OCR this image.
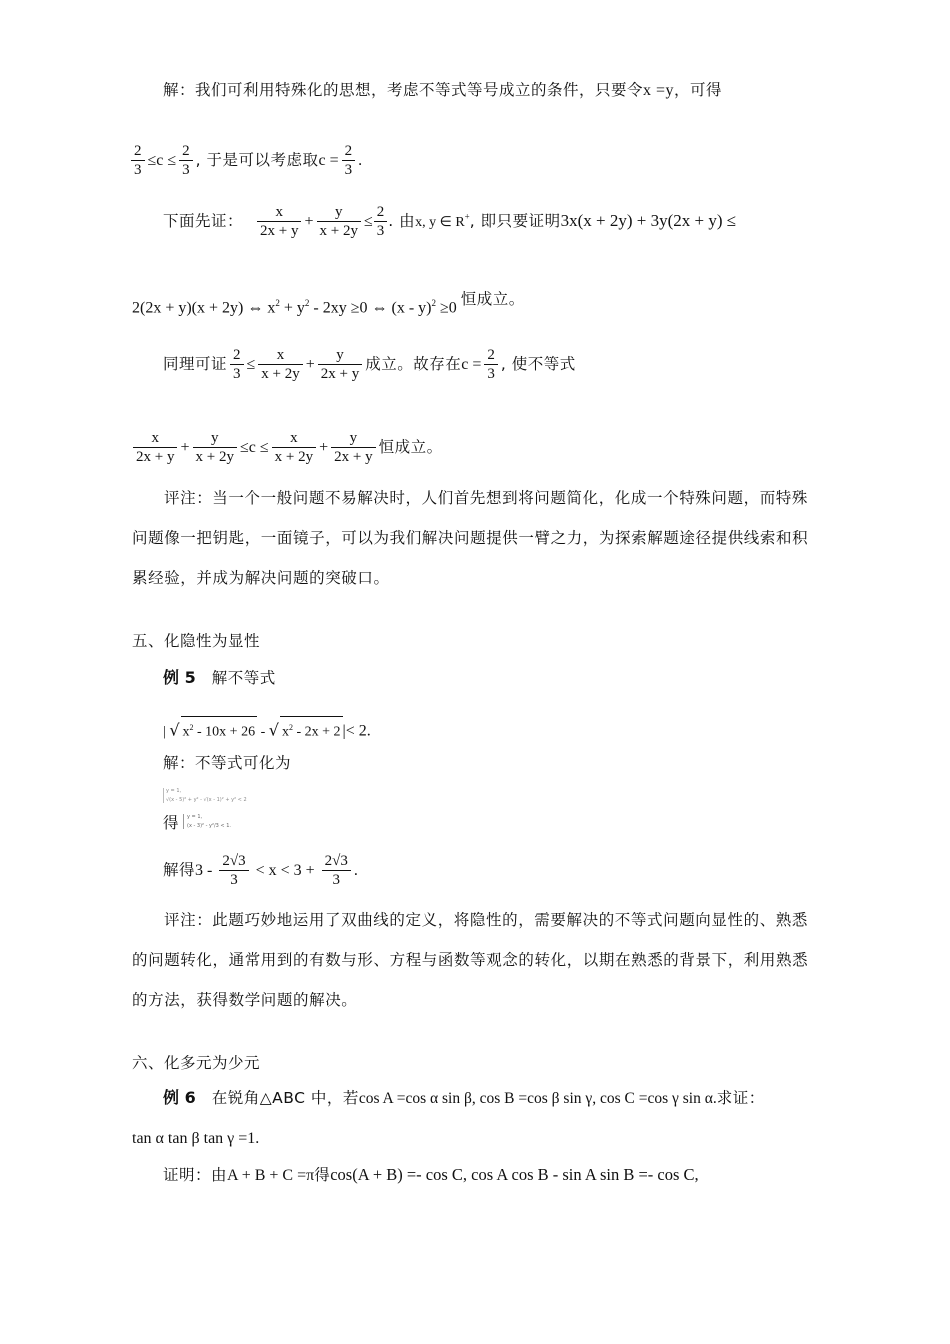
解：我们可利用特殊化的思想，考虑不等式等号成立的条件，只要令x =y，可得
$\frac{2}{3} \le c \le \frac{2}{3}$ , 于是可以考虑取$c = \frac{2}{3}$ .
下面先证： $\frac{x}{2x + y} + \frac{y}{x + 2y} \le \frac{2}{3}$ . 由x, y ∈ R+, 即只要证明3x(x + 2y) + 3y(2x + y) ≤
2(2x + y)(x + 2y) ⇔ $x^2 + y^2 - 2xy \ge 0$ ⇔ (x - y)$^2$ ≥0 恒成立。
同理可证 $\frac{2}{3} \le \frac{x}{x + 2y} + \frac{y}{2x + y}$ 成立。故存在$c = \frac{2}{3}$ , 使不等式
$\frac{x}{2x + y} + \frac{y}{x + 2y} \le c \le \frac{x}{x + 2y} + \frac{y}{2x + y}$ 恒成立。
评注：当一个一般问题不易解决时，人们首先想到将问题简化，化成一个特殊问题，而特殊问题像一把钥匙，一面镜子，可以为我们解决问题提供一臂之力，为探索解题途径提供线索和积累经验，并成为解决问题的突破口。
五、化隐性为显性
例 5 解不等式
| √ $x^2 - 10x + 26$ - √ $x^2 - 2x + 2$ |< 2.
解：不等式可化为
y = 1,
√(x - 5)² + y² - √(x - 1)² + y² < 2
得 y = 1,
(x - 3)² - y²/3 < 1.
解得$3 - \frac{2√3}{3} < x < 3 + \frac{2√3}{3}$ .
评注：此题巧妙地运用了双曲线的定义，将隐性的，需要解决的不等式问题向显性的、熟悉的问题转化，通常用到的有数与形、方程与函数等观念的转化，以期在熟悉的背景下，利用熟悉的方法，获得数学问题的解决。
六、化多元为少元
例 6 在锐角△ABC 中，若cos A =cos α sin β, cos B =cos β sin γ, cos C =cos γ sin α.求证：
tan α tan β tan γ =1.
证明：由A + B + C =π得cos(A + B) =- cos C, cos A cos B - sin A sin B =- cos C,
